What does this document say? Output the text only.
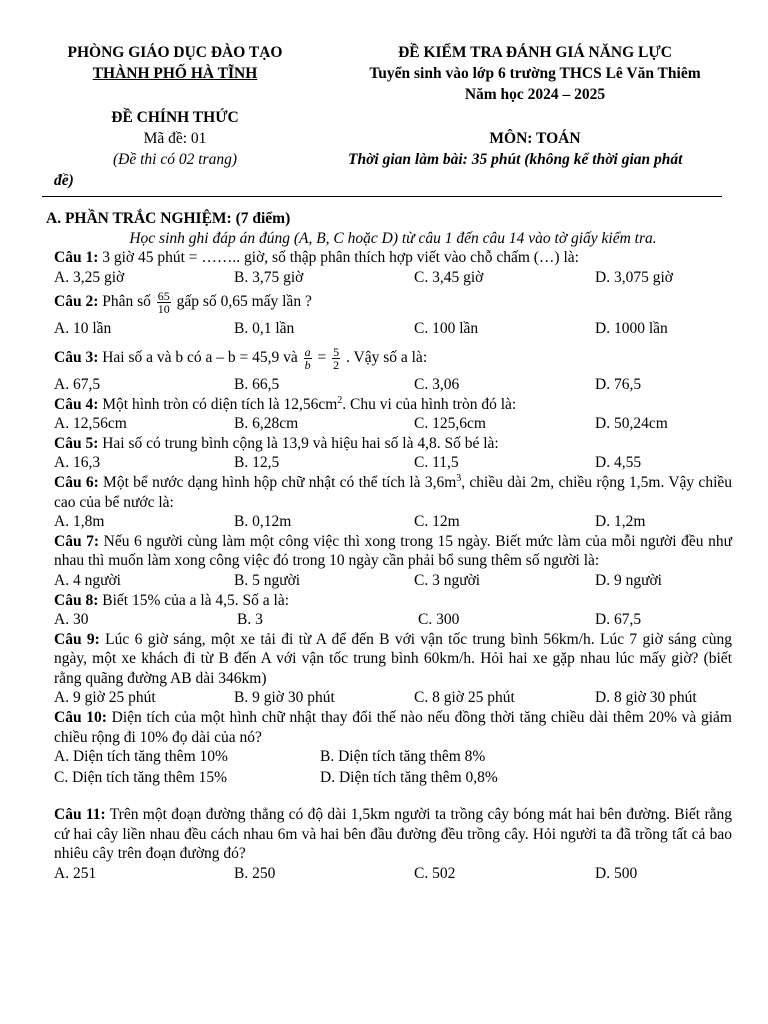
PHÒNG GIÁO DỤC ĐÀO TẠO
THÀNH PHỐ HÀ TĨNH
ĐỀ KIỂM TRA ĐÁNH GIÁ NĂNG LỰC
Tuyển sinh vào lớp 6 trường THCS Lê Văn Thiêm
Năm học 2024 – 2025
ĐỀ CHÍNH THỨC
Mã đề: 01
(Đề thi có 02 trang)
MÔN: TOÁN
Thời gian làm bài: 35 phút (không kể thời gian phát
đề)
A. PHẦN TRẮC NGHIỆM: (7 điểm)
Học sinh ghi đáp án đúng (A, B, C hoặc D) từ câu 1 đến câu 14 vào tờ giấy kiểm tra.
Câu 1: 3 giờ 45 phút = …….. giờ, số thập phân thích hợp viết vào chỗ chấm (…) là:
A. 3,25 giờ	B. 3,75 giờ	C. 3,45 giờ	D. 3,075 giờ
Câu 2: Phân số $\frac{65}{10}$ gấp số 0,65 mấy lần ?
A. 10 lần	B. 0,1 lần	C. 100 lần	D. 1000 lần
Câu 3: Hai số a và b có a – b = 45,9 và $\frac{a}{b} = \frac{5}{2}$ . Vậy số a là:
A. 67,5	B. 66,5	C. 3,06	D. 76,5
Câu 4: Một hình tròn có diện tích là $12,56cm^2$. Chu vi của hình tròn đó là:
A. 12,56cm	B. 6,28cm	C. 125,6cm	D. 50,24cm
Câu 5: Hai số có trung bình cộng là 13,9 và hiệu hai số là 4,8. Số bé là:
A. 16,3	B. 12,5	C. 11,5	D. 4,55
Câu 6: Một bể nước dạng hình hộp chữ nhật có thể tích là $3,6m^3$, chiều dài 2m, chiều rộng 1,5m. Vậy chiều cao của bể nước là:
A. 1,8m	B. 0,12m	C. 12m	D. 1,2m
Câu 7: Nếu 6 người cùng làm một công việc thì xong trong 15 ngày. Biết mức làm của mỗi người đều như nhau thì muốn làm xong công việc đó trong 10 ngày cần phải bổ sung thêm số người là:
A. 4 người	B. 5 người	C. 3 người	D. 9 người
Câu 8: Biết 15% của a là 4,5. Số a là:
A. 30	B. 3	C. 300	D. 67,5
Câu 9: Lúc 6 giờ sáng, một xe tải đi từ A để đến B với vận tốc trung bình 56km/h. Lúc 7 giờ sáng cùng ngày, một xe khách đi từ B đến A với vận tốc trung bình 60km/h. Hỏi hai xe gặp nhau lúc mấy giờ? (biết rằng quãng đường AB dài 346km)
A. 9 giờ 25 phút	B. 9 giờ 30 phút	C. 8 giờ 25 phút	D. 8 giờ 30 phút
Câu 10: Diện tích của một hình chữ nhật thay đổi thế nào nếu đồng thời tăng chiều dài thêm 20% và giảm chiều rộng đi 10% đọ dài của nó?
A. Diện tích tăng thêm 10%	B. Diện tích tăng thêm 8%
C. Diện tích tăng thêm 15%	D. Diện tích tăng thêm 0,8%
Câu 11: Trên một đoạn đường thẳng có độ dài 1,5km người ta trồng cây bóng mát hai bên đường. Biết rằng cứ hai cây liền nhau đều cách nhau 6m và hai bên đầu đường đều trồng cây. Hỏi người ta đã trồng tất cả bao nhiêu cây trên đoạn đường đó?
A. 251	B. 250	C. 502	D. 500
